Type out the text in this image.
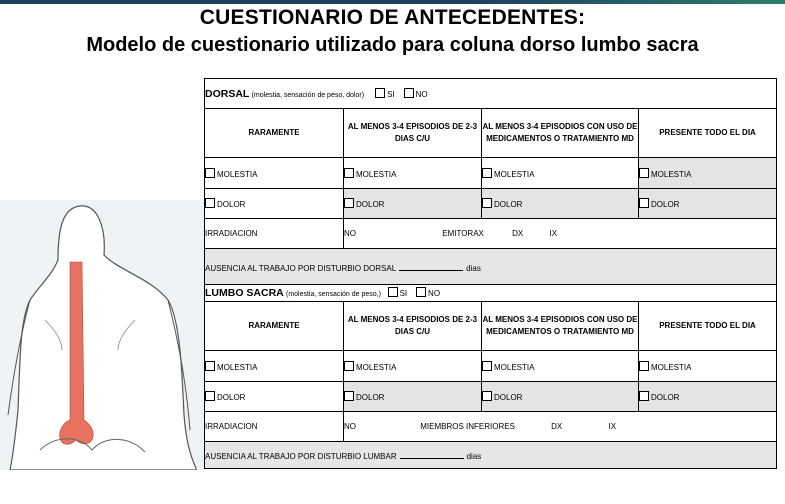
CUESTIONARIO DE ANTECEDENTES:
Modelo de cuestionario utilizado para coluna dorso lumbo sacra
DORSAL (molestia, sensación de peso, dolor) SI NO			
RARAMENTE	AL MENOS 3-4 EPISODIOS DE 2-3 DIAS C/U	AL MENOS 3-4 EPISODIOS CON USO DE MEDICAMENTOS O TRATAMIENTO MD	PRESENTE TODO EL DIA
MOLESTIA	MOLESTIA	MOLESTIA	MOLESTIA
DOLOR	DOLOR	DOLOR	DOLOR
IRRADIACION	NO EMITORAX DX IX		
AUSENCIA AL TRABAJO POR DISTURBIO DORSAL dias			
LUMBO SACRA (molestia, sensación de peso,) SI NO			
RARAMENTE	AL MENOS 3-4 EPISODIOS DE 2-3 DIAS C/U	AL MENOS 3-4 EPISODIOS CON USO DE MEDICAMENTOS O TRATAMIENTO MD	PRESENTE TODO EL DIA
MOLESTIA	MOLESTIA	MOLESTIA	MOLESTIA
DOLOR	DOLOR	DOLOR	DOLOR
IRRADIACION	NO MIEMBROS INFERIORES DX IX		
AUSENCIA AL TRABAJO POR DISTURBIO LUMBAR dias			
